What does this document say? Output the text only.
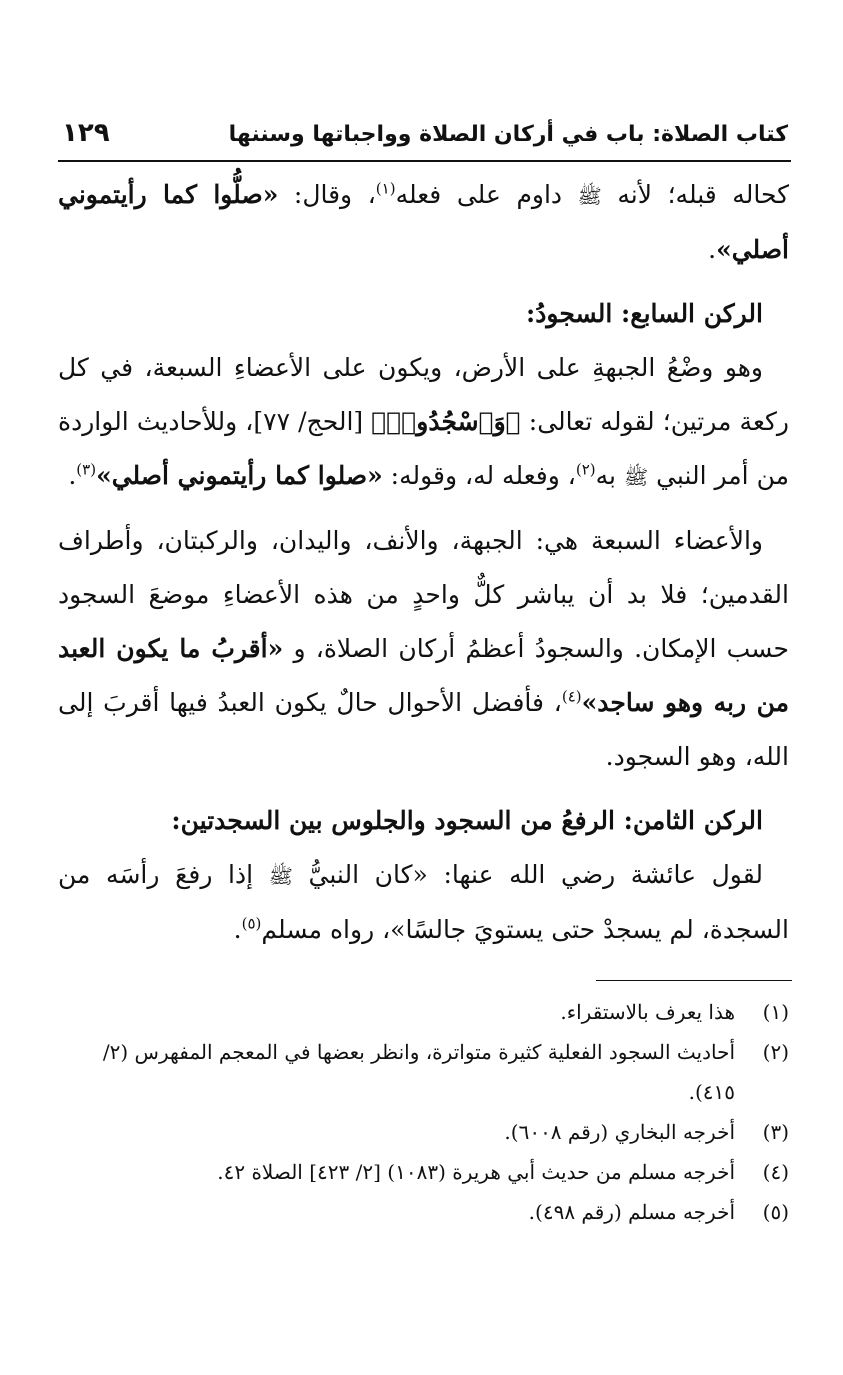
كتاب الصلاة: باب في أركان الصلاة وواجباتها وسننها
١٢٩

كحاله قبله؛ لأنه ﷺ داوم على فعله$^{(١)}$، وقال: «صلُّوا كما رأيتموني أصلي».

الركن السابع: السجودُ:

وهو وضْعُ الجبهةِ على الأرض، ويكون على الأعضاءِ السبعة، في كل ركعة مرتين؛ لقوله تعالى: ﴿وَٱسْجُدُوا۟﴾ [الحج/ ٧٧]، وللأحاديث الواردة من أمر النبي ﷺ به$^{(٢)}$، وفعله له، وقوله: «صلوا كما رأيتموني أصلي»$^{(٣)}$.

والأعضاء السبعة هي: الجبهة، والأنف، واليدان، والركبتان، وأطراف القدمين؛ فلا بد أن يباشر كلٌّ واحدٍ من هذه الأعضاءِ موضعَ السجود حسب الإمكان. والسجودُ أعظمُ أركان الصلاة، و «أقربُ ما يكون العبد من ربه وهو ساجد»$^{(٤)}$، فأفضل الأحوال حالٌ يكون العبدُ فيها أقربَ إلى الله، وهو السجود.

الركن الثامن: الرفعُ من السجود والجلوس بين السجدتين:

لقول عائشة رضي الله عنها: «كان النبيُّ ﷺ إذا رفعَ رأسَه من السجدة، لم يسجدْ حتى يستويَ جالسًا»، رواه مسلم$^{(٥)}$.

(١)
هذا يعرف بالاستقراء.
(٢)
أحاديث السجود الفعلية كثيرة متواترة، وانظر بعضها في المعجم المفهرس (٢/ ٤١٥).
(٣)
أخرجه البخاري (رقم ٦٠٠٨).
(٤)
أخرجه مسلم من حديث أبي هريرة (١٠٨٣) [٢/ ٤٢٣] الصلاة ٤٢.
(٥)
أخرجه مسلم (رقم ٤٩٨).
